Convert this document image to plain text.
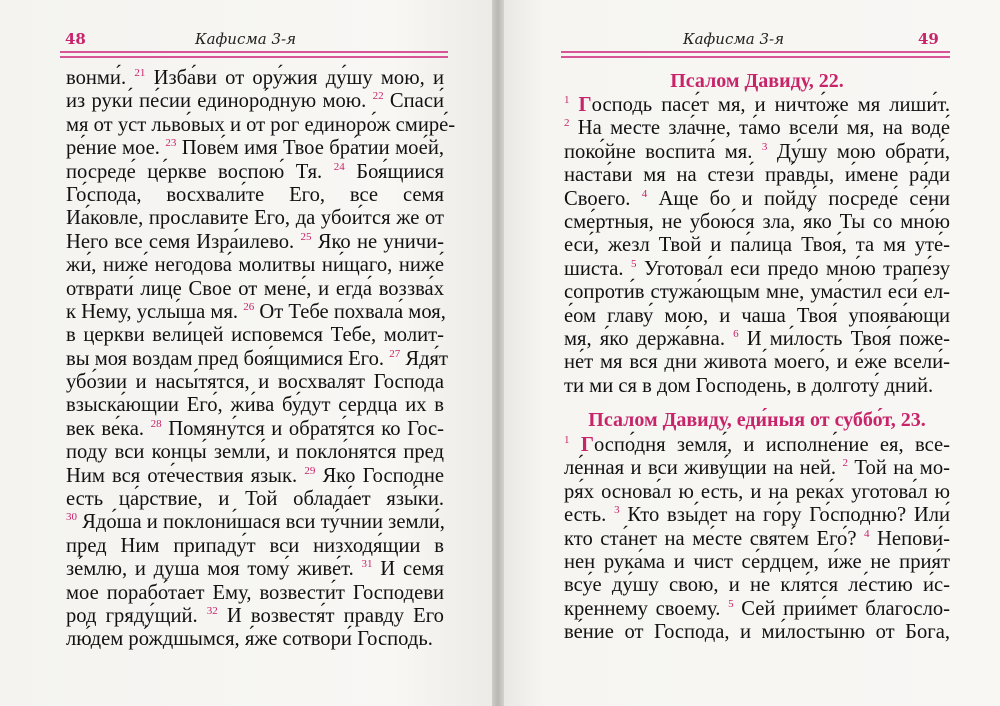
48	Кафисма 3-я
вонми́. $^{21}$ Изба́ви от ору́жия ду́шу мою, и
из руки́ пе́сии единоро́дную мою. $^{22}$ Спаси́
мя от уст льво́вых и от рог единоро́ж смире́-
ре́ние мое. $^{23}$ Пове́м имя Твое бра́тии мое́й,
посреде́ це́ркве воспою́ Тя. $^{24}$ Боя́щиися
Го́спода, восхвали́те Его, все семя
Иа́ковле, прославите Его, да убои́тся же от
Него все семя Изра́илево. $^{25}$ Яко не уничи-
жи́, ниже́ негодова́ молитвы ни́щаго, ниже́
отврати́ лице Свое от мене́, и егда́ воззва́х
к Нему, услы́ша мя. $^{26}$ От Тебе похвала́ моя,
в церкви вели́цей исповемся Тебе, молит-
вы моя воздам пред боя́щимися Его. $^{27}$ Ядя́т
убо́зии и насы́тятся, и восхвалят Господа
взыска́ющии Его́, жи́ва бу́дут сердца их в
век ве́ка. $^{28}$ Помяну́тся и обратя́тся ко Гос-
поду вси концы́ земли́, и покло́нятся пред
Ним вся оте́чествия язык. $^{29}$ Яко Господне
есть ца́рствие, и Той облада́ет язы́ки.
$^{30}$ Ядо́ша и поклони́шася вси ту́чнии земли́,
пред Ним припаду́т вси низходя́щии в
зе́млю, и душа моя тому́ живе́т. $^{31}$ И семя
мое порабо́тает Ему, возвести́т Господеви
род гряду́щий. $^{32}$ И возвестя́т правду Его
лю́дем ро́ждшымся, я́же сотвори́ Господь.
Кафисма 3-я	49
Псалом Давиду, 22.
$^1$ Господь пасе́т мя, и ничто́же мя лиши́т.
$^2$ На месте зла́чне, та́мо всели́ мя, на воде́
поко́йне воспита́ мя. $^3$ Ду́шу мою обрати́,
наста́ви мя на стези́ пра́вды, и́мене ра́ди
Своего. $^4$ Аще бо и пойду́ посреде́ се́ни
сме́ртныя, не убою́ся зла, я́ко Ты со мно́ю
еси́, жезл Твой и па́лица Твоя́, та мя уте́-
шиста. $^5$ Уготова́л еси предо мно́ю трапе́зу
сопроти́в стужа́ющым мне, ума́стил еси́ ел-
е́ом главу́ мою, и чаша Твоя́ упоява́ющи
мя, я́ко держа́вна. $^6$ И ми́лость Твоя́ поже-
не́т мя вся дни живота́ моего́, и е́же всели́-
ти ми ся в дом Господень, в долготу́ дний.
Псалом Давиду, еди́ныя от суббо́т, 23.
$^1$ Госпо́дня земля́, и исполне́ние ея, все-
ле́нная и вси живу́щии на ней. $^2$ Той на мо-
ря́х основа́л ю есть, и на река́х уготова́л ю
есть. $^3$ Кто взы́дет на го́ру Го́сподню? Или́
кто ста́нет на ме́сте святе́м Его́? $^4$ Непови́-
нен рука́ма и чист се́рдцем, и́же не прия́т
всу́е ду́шу свою, и не кля́тся ле́стию и́с-
креннему своему. $^5$ Сей прии́мет благосло-
ве́ние от Господа, и ми́лостыню от Бога,
